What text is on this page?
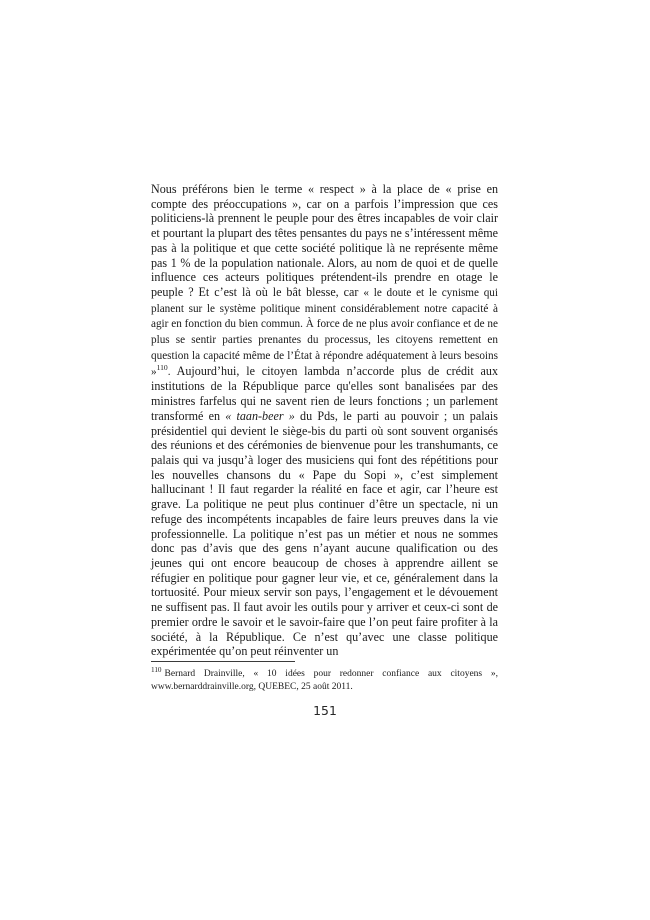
Nous préférons bien le terme « respect » à la place de « prise en compte des préoccupations », car on a parfois l’impression que ces politiciens-là prennent le peuple pour des êtres incapables de voir clair et pourtant la plupart des têtes pensantes du pays ne s’intéressent même pas à la politique et que cette société politique là ne représente même pas 1 % de la population nationale. Alors, au nom de quoi et de quelle influence ces acteurs politiques prétendent-ils prendre en otage le peuple ? Et c’est là où le bât blesse, car « le doute et le cynisme qui planent sur le système politique minent considérablement notre capacité à agir en fonction du bien commun. À force de ne plus avoir confiance et de ne plus se sentir parties prenantes du processus, les citoyens remettent en question la capacité même de l’État à répondre adéquatement à leurs besoins »$^{110}$. Aujourd’hui, le citoyen lambda n’accorde plus de crédit aux institutions de la République parce qu'elles sont banalisées par des ministres farfelus qui ne savent rien de leurs fonctions ; un parlement transformé en « taan-beer » du Pds, le parti au pouvoir ; un palais présidentiel qui devient le siège-bis du parti où sont souvent organisés des réunions et des cérémonies de bienvenue pour les transhumants, ce palais qui va jusqu’à loger des musiciens qui font des répétitions pour les nouvelles chansons du « Pape du Sopi », c’est simplement hallucinant ! Il faut regarder la réalité en face et agir, car l’heure est grave. La politique ne peut plus continuer d’être un spectacle, ni un refuge des incompétents incapables de faire leurs preuves dans la vie professionnelle. La politique n’est pas un métier et nous ne sommes donc pas d’avis que des gens n’ayant aucune qualification ou des jeunes qui ont encore beaucoup de choses à apprendre aillent se réfugier en politique pour gagner leur vie, et ce, généralement dans la tortuosité. Pour mieux servir son pays, l’engagement et le dévouement ne suffisent pas. Il faut avoir les outils pour y arriver et ceux-ci sont de premier ordre le savoir et le savoir-faire que l’on peut faire profiter à la société, à la République. Ce n’est qu’avec une classe politique expérimentée qu’on peut réinventer un

$^{110}$ Bernard Drainville, « 10 idées pour redonner confiance aux citoyens », www.bernarddrainville.org, QUEBEC, 25 août 2011.

151
